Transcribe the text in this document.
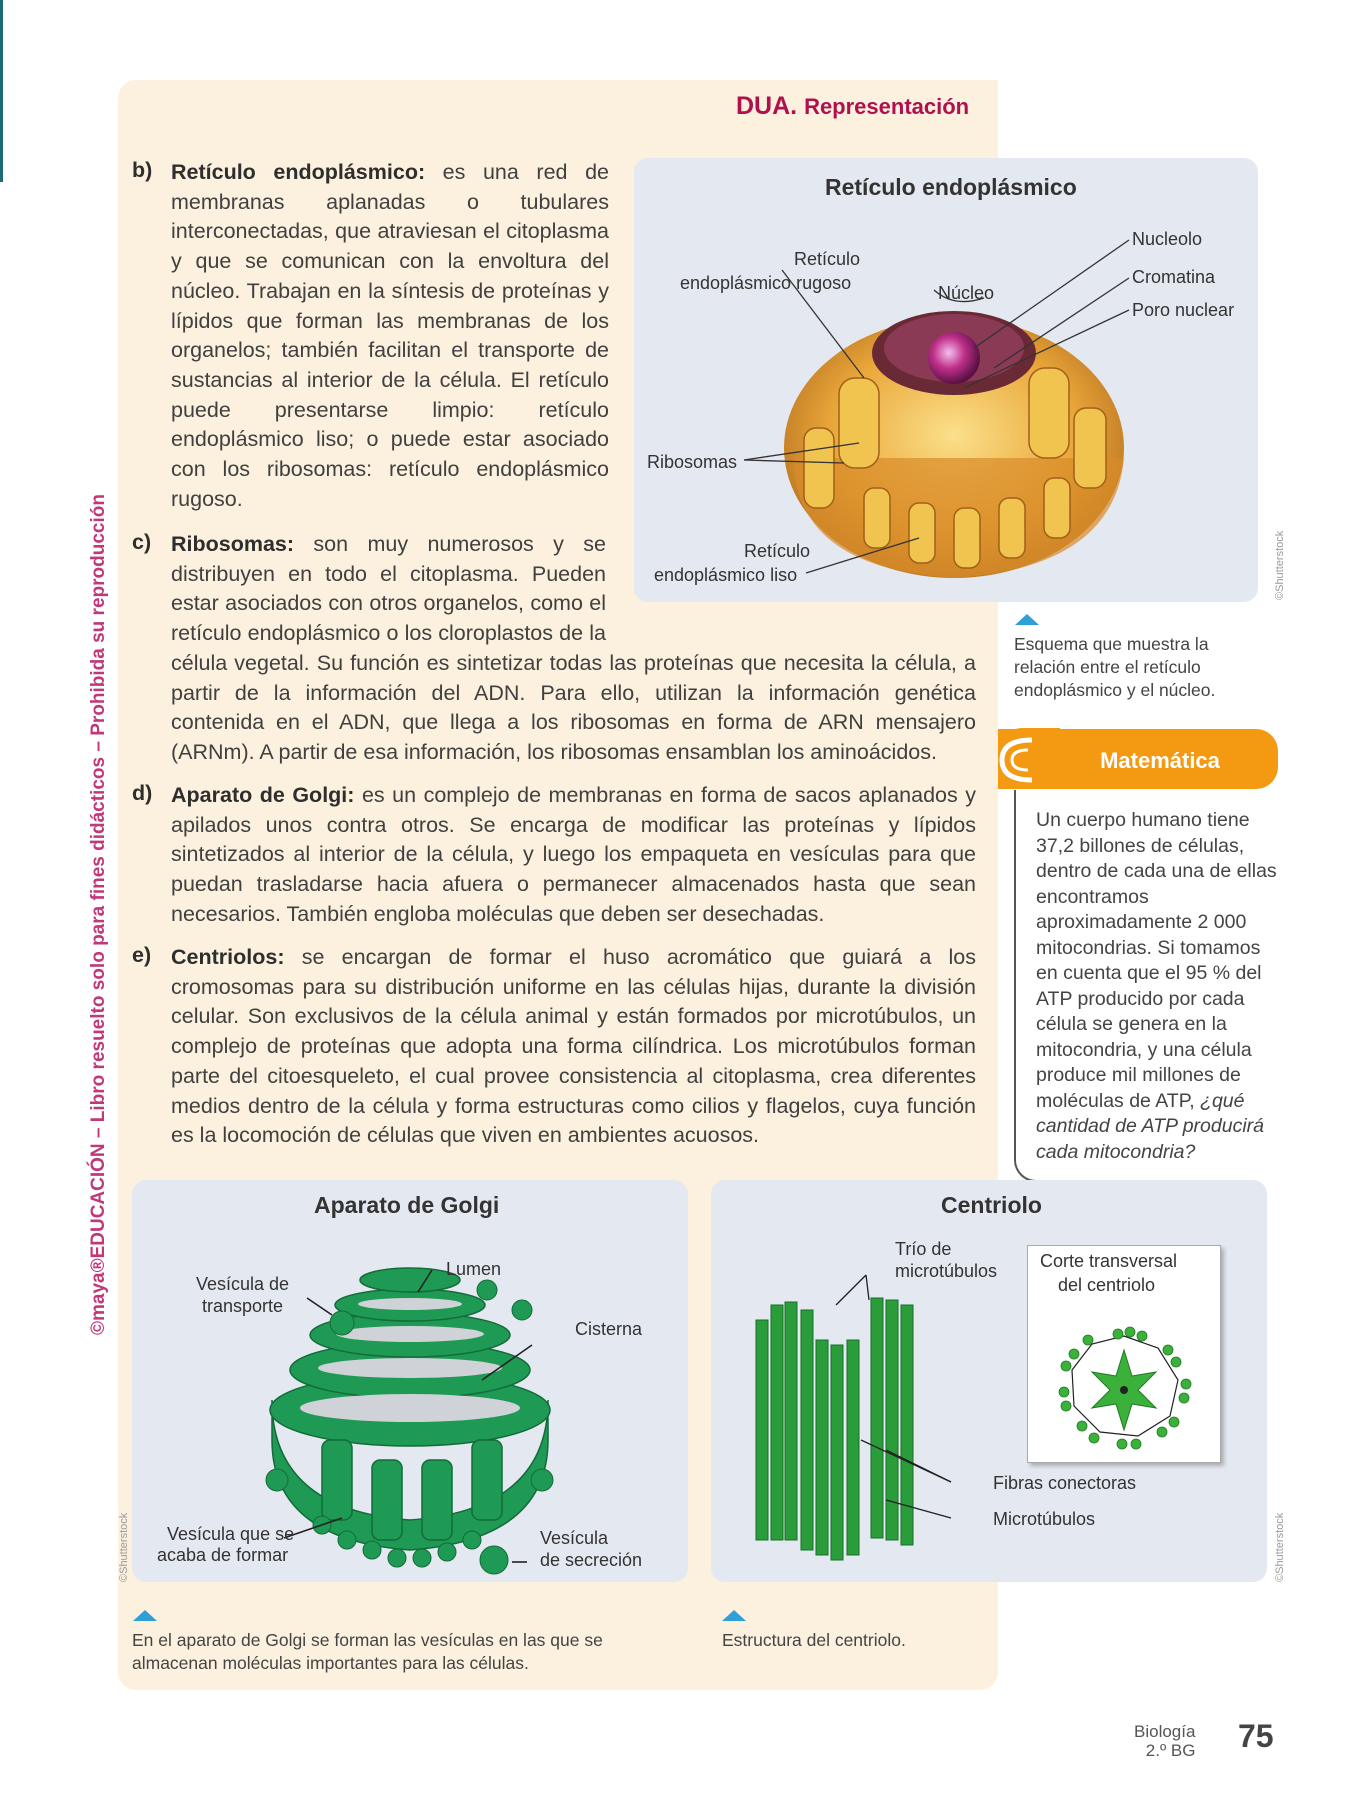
©maya®EDUCACIÓN – Libro resuelto solo para fines didácticos – Prohibida su reproducción
DUA. Representación
Retículo endoplásmico
Nucleolo
Cromatina
Poro nuclear
Retículo
endoplásmico rugoso	Núcleo
Ribosomas
Retículo
endoplásmico liso	©Shutterstock
Esquema que muestra la relación entre el retículo endoplásmico y el núcleo.
b) Retículo endoplásmico: es una red de membranas aplanadas o tubulares interconectadas, que atraviesan el citoplasma y que se comunican con la envoltura del núcleo. Trabajan en la síntesis de proteínas y lípidos que forman las membranas de los organelos; también facilitan el transporte de sustancias al interior de la célula. El retículo puede presentarse limpio: retículo endoplásmico liso; o puede estar asociado con los ribosomas: retículo endoplásmico rugoso.
c) Ribosomas: son muy numerosos y se distribuyen en todo el citoplasma. Pueden estar asociados con otros organelos, como el retículo endoplásmico o los cloroplastos de la célula vegetal. Su función es sintetizar todas las proteínas que necesita la célula, a partir de la información del ADN. Para ello, utilizan la información genética contenida en el ADN, que llega a los ribosomas en forma de ARN mensajero (ARNm). A partir de esa información, los ribosomas ensamblan los aminoácidos.
d) Aparato de Golgi: es un complejo de membranas en forma de sacos aplanados y apilados unos contra otros. Se encarga de modificar las proteínas y lípidos sintetizados al interior de la célula, y luego los empaqueta en vesículas para que puedan trasladarse hacia afuera o permanecer almacenados hasta que sean necesarios. También engloba moléculas que deben ser desechadas.
e) Centriolos: se encargan de formar el huso acromático que guiará a los cromosomas para su distribución uniforme en las células hijas, durante la división celular. Son exclusivos de la célula animal y están formados por microtúbulos, un complejo de proteínas que adopta una forma cilíndrica. Los microtúbulos forman parte del citoesqueleto, el cual provee consistencia al citoplasma, crea diferentes medios dentro de la célula y forma estructuras como cilios y flagelos, cuya función es la locomoción de células que viven en ambientes acuosos.
Matemática
Un cuerpo humano tiene 37,2 billones de células, dentro de cada una de ellas encontramos aproximadamente 2 000 mitocondrias. Si tomamos en cuenta que el 95 % del ATP producido por cada célula se genera en la mitocondria, y una célula produce mil millones de moléculas de ATP, ¿qué cantidad de ATP producirá cada mitocondria?
Aparato de Golgi
Vesícula de
transporte
Lumen
Cisterna
Vesícula que se
acaba de formar
Vesícula
de secreción
©Shutterstock
En el aparato de Golgi se forman las vesículas en las que se almacenan moléculas importantes para las células.
Centriolo
Trío de
microtúbulos
Fibras conectoras
Microtúbulos
Corte transversal
del centriolo
©Shutterstock
Estructura del centriolo.
Biología
2.º BG 75
